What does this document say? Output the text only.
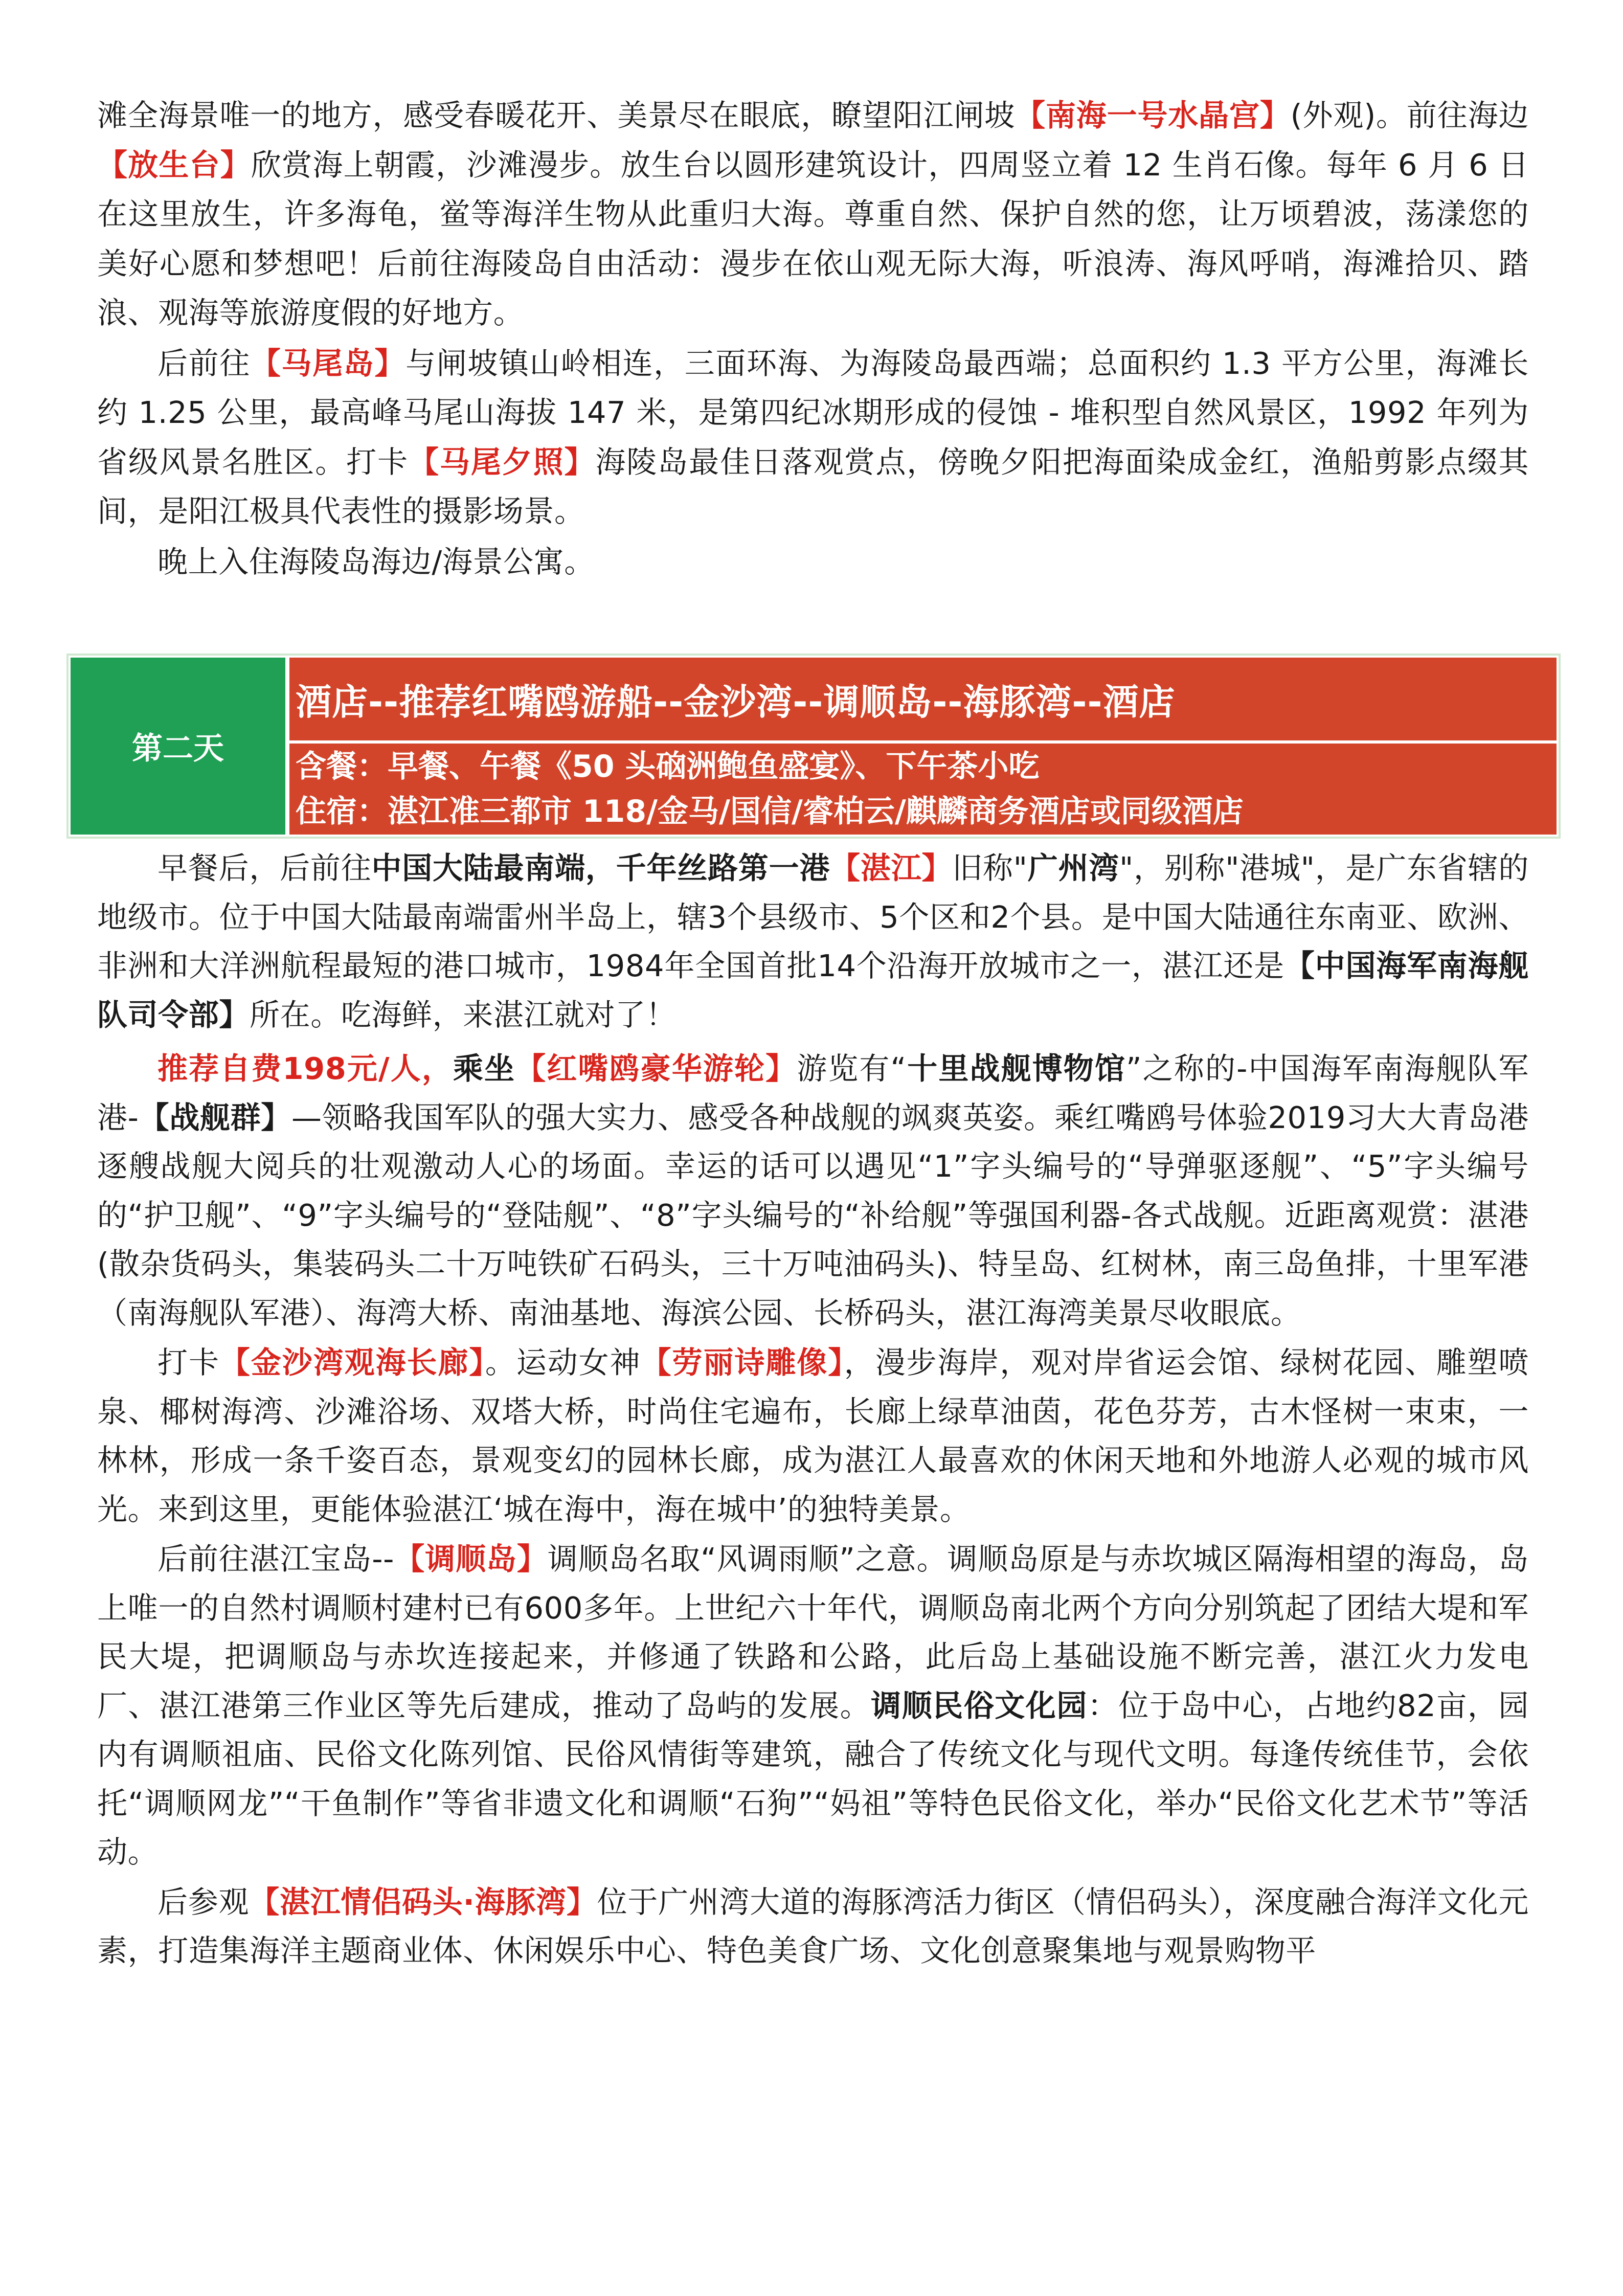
滩全海景唯一的地方，感受春暖花开、美景尽在眼底，瞭望阳江闸坡【南海一号水晶宫】(外观)。前往海边【放生台】欣赏海上朝霞，沙滩漫步。放生台以圆形建筑设计，四周竖立着 12 生肖石像。每年 6 月 6 日在这里放生，许多海龟，鲎等海洋生物从此重归大海。尊重自然、保护自然的您，让万顷碧波，荡漾您的美好心愿和梦想吧！后前往海陵岛自由活动：漫步在依山观无际大海，听浪涛、海风呼哨，海滩拾贝、踏浪、观海等旅游度假的好地方。

后前往【马尾岛】与闸坡镇山岭相连，三面环海、为海陵岛最西端；总面积约 1.3 平方公里，海滩长约 1.25 公里，最高峰马尾山海拔 147 米，是第四纪冰期形成的侵蚀 - 堆积型自然风景区，1992 年列为省级风景名胜区。打卡【马尾夕照】海陵岛最佳日落观赏点，傍晚夕阳把海面染成金红，渔船剪影点缀其间，是阳江极具代表性的摄影场景。

晚上入住海陵岛海边/海景公寓。

第二天
酒店--推荐红嘴鸥游船--金沙湾--调顺岛--海豚湾--酒店
含餐：早餐、午餐《50 头硇洲鲍鱼盛宴》、下午茶小吃
住宿：湛江准三都市 118/金马/国信/睿柏云/麒麟商务酒店或同级酒店

早餐后，后前往中国大陆最南端，千年丝路第一港【湛江】旧称"广州湾"，别称"港城"，是广东省辖的地级市。位于中国大陆最南端雷州半岛上，辖3个县级市、5个区和2个县。是中国大陆通往东南亚、欧洲、非洲和大洋洲航程最短的港口城市，1984年全国首批14个沿海开放城市之一，湛江还是【中国海军南海舰队司令部】所在。吃海鲜，来湛江就对了！

推荐自费198元/人，乘坐【红嘴鸥豪华游轮】游览有“十里战舰博物馆”之称的-中国海军南海舰队军港-【战舰群】—领略我国军队的强大实力、感受各种战舰的飒爽英姿。乘红嘴鸥号体验2019习大大青岛港逐艘战舰大阅兵的壮观激动人心的场面。幸运的话可以遇见“1”字头编号的“导弹驱逐舰”、“5”字头编号的“护卫舰”、“9”字头编号的“登陆舰”、“8”字头编号的“补给舰”等强国利器-各式战舰。近距离观赏：湛港(散杂货码头，集装码头二十万吨铁矿石码头，三十万吨油码头)、特呈岛、红树林，南三岛鱼排，十里军港（南海舰队军港）、海湾大桥、南油基地、海滨公园、长桥码头，湛江海湾美景尽收眼底。

打卡【金沙湾观海长廊】。运动女神【劳丽诗雕像】，漫步海岸，观对岸省运会馆、绿树花园、雕塑喷泉、椰树海湾、沙滩浴场、双塔大桥，时尚住宅遍布，长廊上绿草油茵，花色芬芳，古木怪树一束束，一林林，形成一条千姿百态，景观变幻的园林长廊，成为湛江人最喜欢的休闲天地和外地游人必观的城市风光。来到这里，更能体验湛江‘城在海中，海在城中’的独特美景。

后前往湛江宝岛--【调顺岛】调顺岛名取“风调雨顺”之意。调顺岛原是与赤坎城区隔海相望的海岛，岛上唯一的自然村调顺村建村已有600多年。上世纪六十年代，调顺岛南北两个方向分别筑起了团结大堤和军民大堤，把调顺岛与赤坎连接起来，并修通了铁路和公路，此后岛上基础设施不断完善，湛江火力发电厂、湛江港第三作业区等先后建成，推动了岛屿的发展。调顺民俗文化园：位于岛中心，占地约82亩，园内有调顺祖庙、民俗文化陈列馆、民俗风情街等建筑，融合了传统文化与现代文明。每逢传统佳节，会依托“调顺网龙”“干鱼制作”等省非遗文化和调顺“石狗”“妈祖”等特色民俗文化，举办“民俗文化艺术节”等活动。

后参观【湛江情侣码头·海豚湾】位于广州湾大道的海豚湾活力街区（情侣码头），深度融合海洋文化元素，打造集海洋主题商业体、休闲娱乐中心、特色美食广场、文化创意聚集地与观景购物平
